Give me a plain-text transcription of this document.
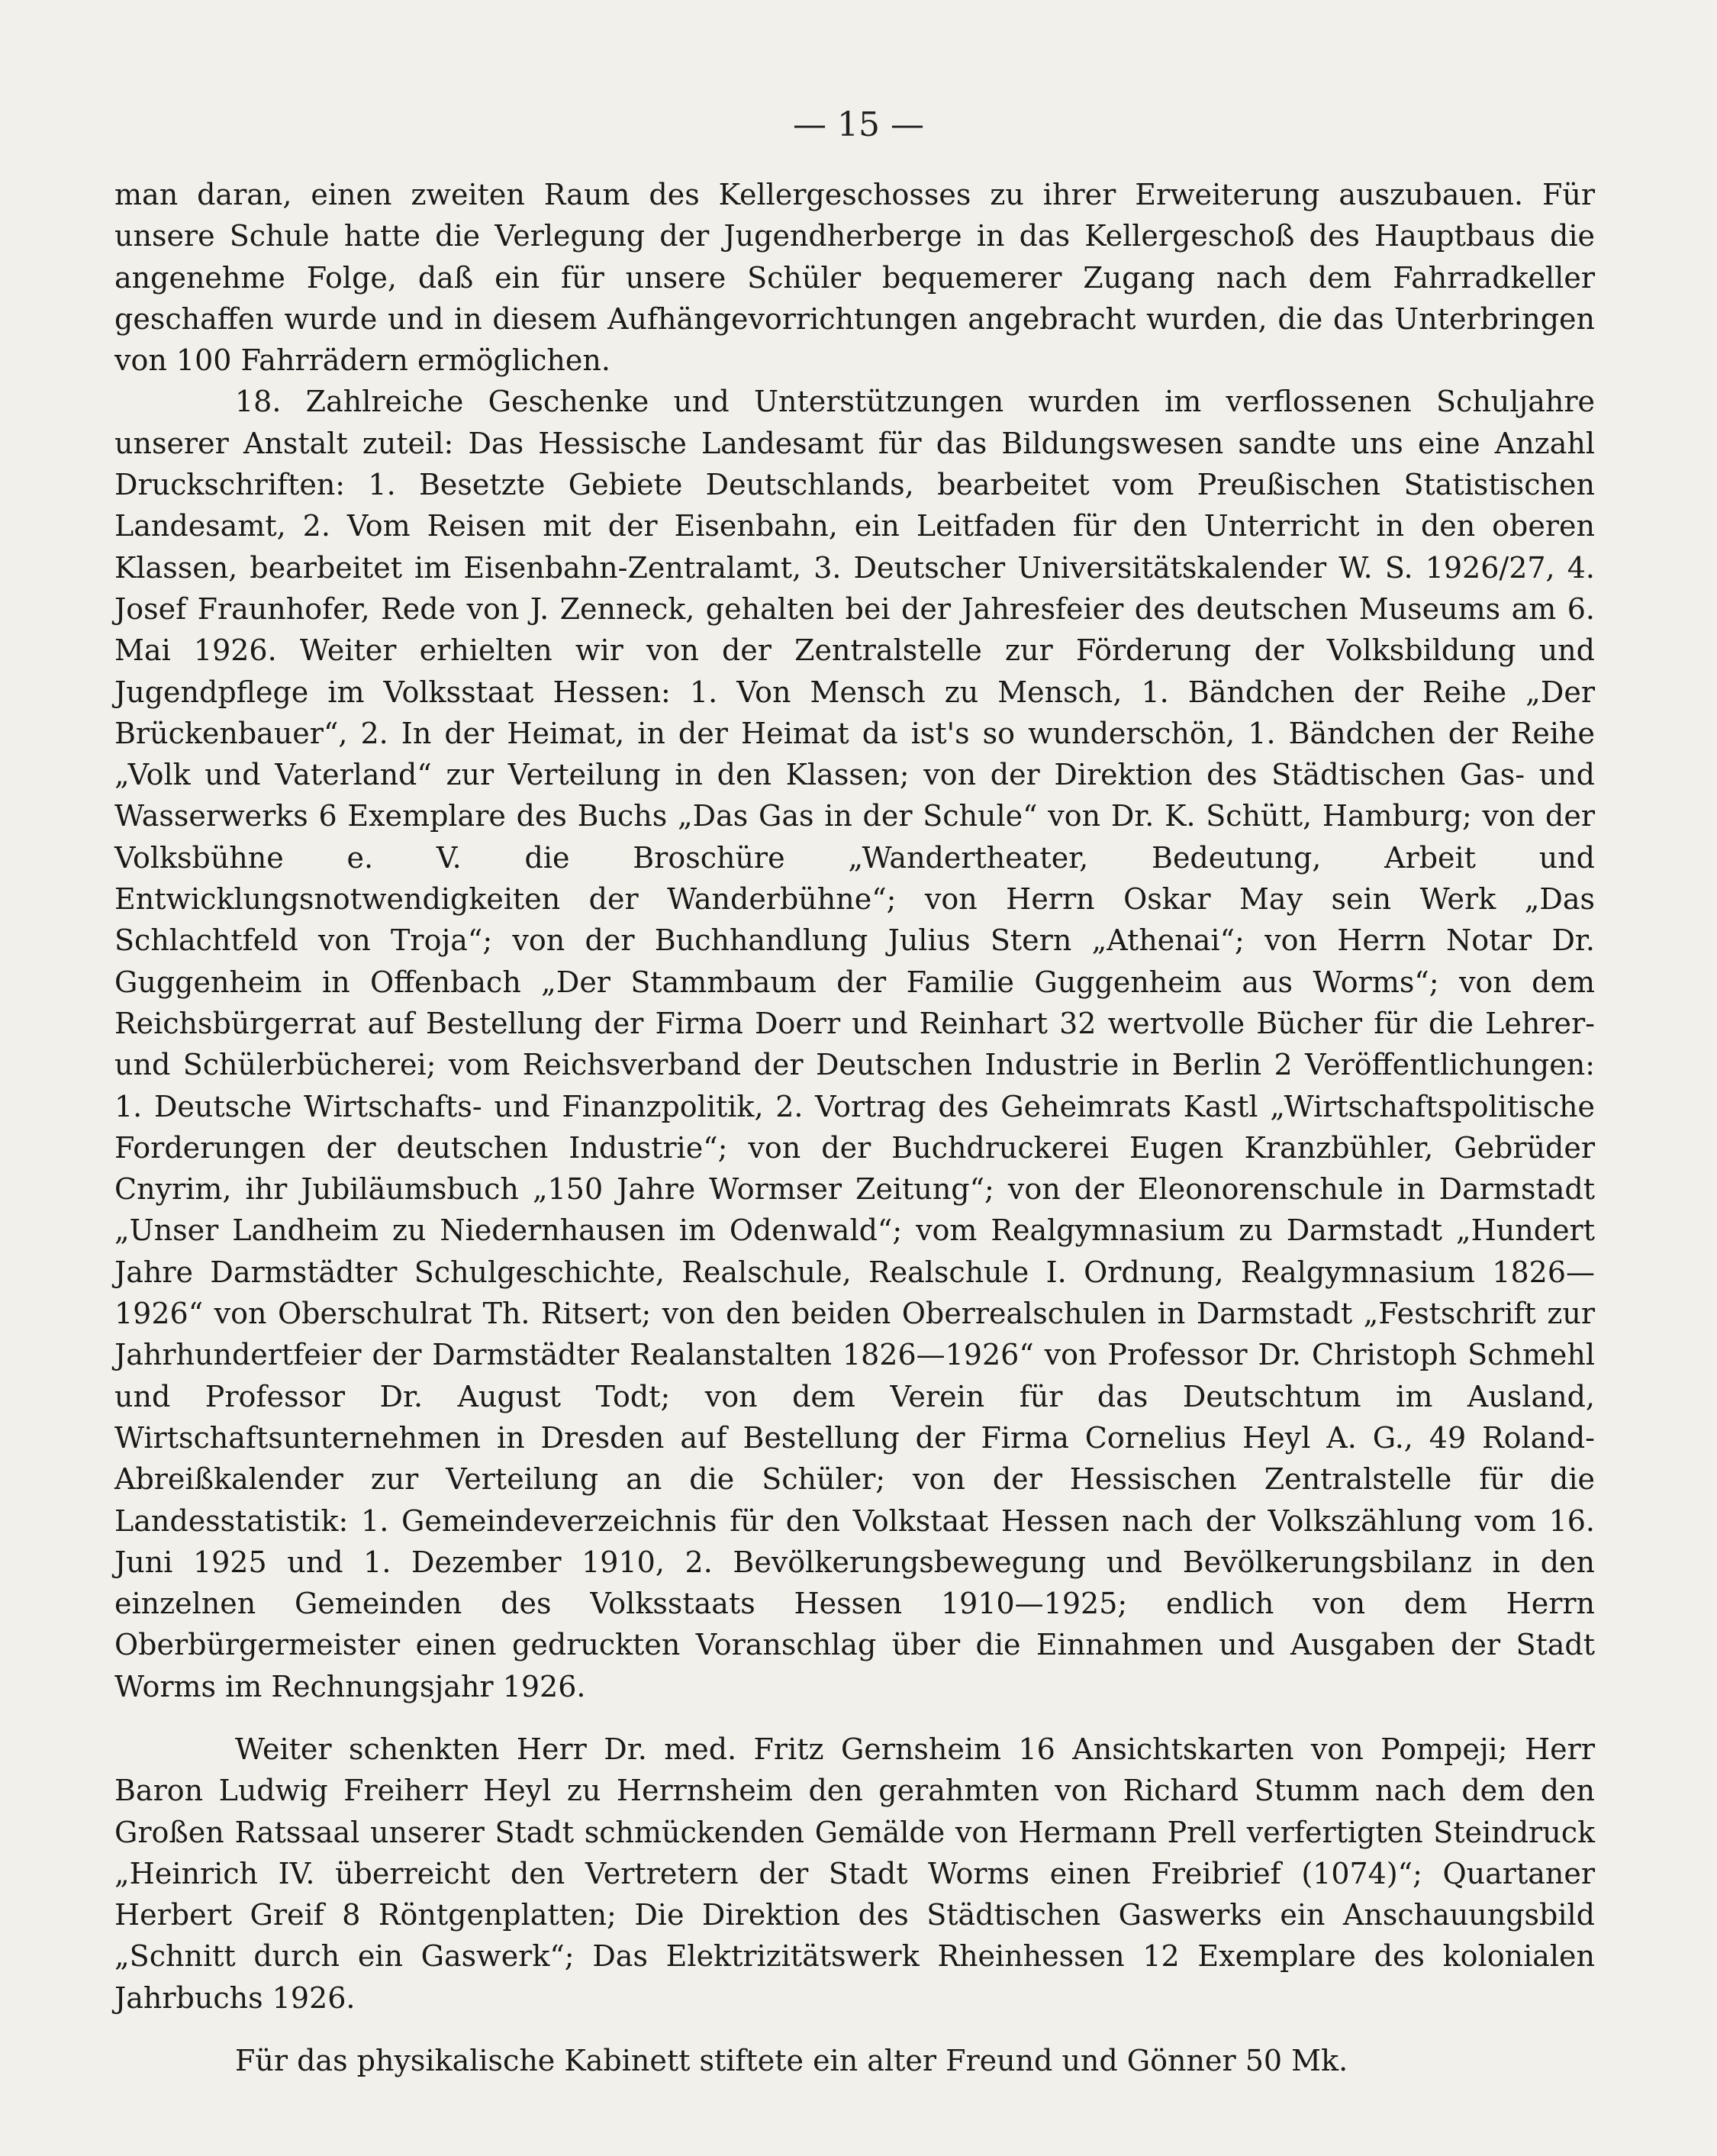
— 15 —

man daran, einen zweiten Raum des Kellergeschosses zu ihrer Erweiterung auszubauen. Für unsere Schule hatte die Verlegung der Jugendherberge in das Kellergeschoß des Hauptbaus die angenehme Folge, daß ein für unsere Schüler bequemerer Zugang nach dem Fahrradkeller geschaffen wurde und in diesem Aufhängevorrichtungen angebracht wurden, die das Unterbringen von 100 Fahrrädern ermöglichen.

18. Zahlreiche Geschenke und Unterstützungen wurden im verflossenen Schuljahre unserer Anstalt zuteil: Das Hessische Landesamt für das Bildungswesen sandte uns eine Anzahl Druckschriften: 1. Besetzte Gebiete Deutschlands, bearbeitet vom Preußischen Statistischen Landesamt, 2. Vom Reisen mit der Eisenbahn, ein Leitfaden für den Unterricht in den oberen Klassen, bearbeitet im Eisenbahn-Zentralamt, 3. Deutscher Universitätskalender W. S. 1926/27, 4. Josef Fraunhofer, Rede von J. Zenneck, gehalten bei der Jahresfeier des deutschen Museums am 6. Mai 1926. Weiter erhielten wir von der Zentralstelle zur Förderung der Volksbildung und Jugendpflege im Volksstaat Hessen: 1. Von Mensch zu Mensch, 1. Bändchen der Reihe „Der Brückenbauer“, 2. In der Heimat, in der Heimat da ist's so wunderschön, 1. Bändchen der Reihe „Volk und Vaterland“ zur Verteilung in den Klassen; von der Direktion des Städtischen Gas- und Wasserwerks 6 Exemplare des Buchs „Das Gas in der Schule“ von Dr. K. Schütt, Hamburg; von der Volksbühne e. V. die Broschüre „Wandertheater, Bedeutung, Arbeit und Entwicklungsnotwendigkeiten der Wanderbühne“; von Herrn Oskar May sein Werk „Das Schlachtfeld von Troja“; von der Buchhandlung Julius Stern „Athenai“; von Herrn Notar Dr. Guggenheim in Offenbach „Der Stammbaum der Familie Guggenheim aus Worms“; von dem Reichsbürgerrat auf Bestellung der Firma Doerr und Reinhart 32 wertvolle Bücher für die Lehrer- und Schülerbücherei; vom Reichsverband der Deutschen Industrie in Berlin 2 Veröffentlichungen: 1. Deutsche Wirtschafts- und Finanzpolitik, 2. Vortrag des Geheimrats Kastl „Wirtschaftspolitische Forderungen der deutschen Industrie“; von der Buchdruckerei Eugen Kranzbühler, Gebrüder Cnyrim, ihr Jubiläumsbuch „150 Jahre Wormser Zeitung“; von der Eleonorenschule in Darmstadt „Unser Landheim zu Niedernhausen im Odenwald“; vom Realgymnasium zu Darmstadt „Hundert Jahre Darmstädter Schulgeschichte, Realschule, Realschule I. Ordnung, Realgymnasium 1826—1926“ von Oberschulrat Th. Ritsert; von den beiden Oberrealschulen in Darmstadt „Festschrift zur Jahrhundertfeier der Darmstädter Realanstalten 1826—1926“ von Professor Dr. Christoph Schmehl und Professor Dr. August Todt; von dem Verein für das Deutschtum im Ausland, Wirtschaftsunternehmen in Dresden auf Bestellung der Firma Cornelius Heyl A. G., 49 Roland-Abreißkalender zur Verteilung an die Schüler; von der Hessischen Zentralstelle für die Landesstatistik: 1. Gemeindeverzeichnis für den Volkstaat Hessen nach der Volkszählung vom 16. Juni 1925 und 1. Dezember 1910, 2. Bevölkerungsbewegung und Bevölkerungsbilanz in den einzelnen Gemeinden des Volksstaats Hessen 1910—1925; endlich von dem Herrn Oberbürgermeister einen gedruckten Voranschlag über die Einnahmen und Ausgaben der Stadt Worms im Rechnungsjahr 1926.

Weiter schenkten Herr Dr. med. Fritz Gernsheim 16 Ansichtskarten von Pompeji; Herr Baron Ludwig Freiherr Heyl zu Herrnsheim den gerahmten von Richard Stumm nach dem den Großen Ratssaal unserer Stadt schmückenden Gemälde von Hermann Prell verfertigten Steindruck „Heinrich IV. überreicht den Vertretern der Stadt Worms einen Freibrief (1074)“; Quartaner Herbert Greif 8 Röntgenplatten; Die Direktion des Städtischen Gaswerks ein Anschauungsbild „Schnitt durch ein Gaswerk“; Das Elektrizitätswerk Rheinhessen 12 Exemplare des kolonialen Jahrbuchs 1926.

Für das physikalische Kabinett stiftete ein alter Freund und Gönner 50 Mk.
